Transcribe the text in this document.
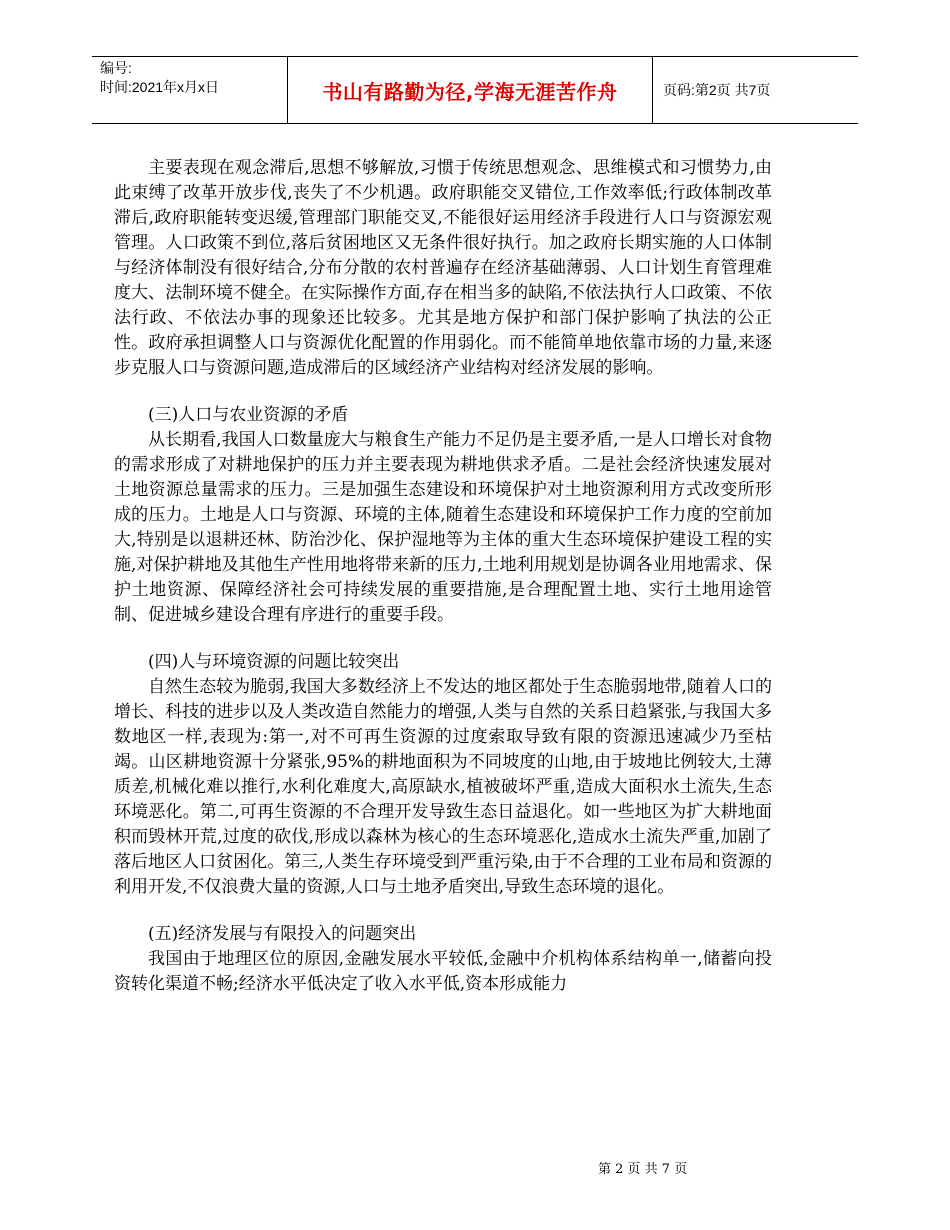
编号:
时间:2021年x月x日	书山有路勤为径,学海无涯苦作舟	页码:第2页 共7页

主要表现在观念滞后,思想不够解放,习惯于传统思想观念、思维模式和习惯势力,由此束缚了改革开放步伐,丧失了不少机遇。政府职能交叉错位,工作效率低;行政体制改革滞后,政府职能转变迟缓,管理部门职能交叉,不能很好运用经济手段进行人口与资源宏观管理。人口政策不到位,落后贫困地区又无条件很好执行。加之政府长期实施的人口体制与经济体制没有很好结合,分布分散的农村普遍存在经济基础薄弱、人口计划生育管理难度大、法制环境不健全。在实际操作方面,存在相当多的缺陷,不依法执行人口政策、不依法行政、不依法办事的现象还比较多。尤其是地方保护和部门保护影响了执法的公正性。政府承担调整人口与资源优化配置的作用弱化。而不能简单地依靠市场的力量,来逐步克服人口与资源问题,造成滞后的区域经济产业结构对经济发展的影响。

(三)人口与农业资源的矛盾

从长期看,我国人口数量庞大与粮食生产能力不足仍是主要矛盾,一是人口增长对食物的需求形成了对耕地保护的压力并主要表现为耕地供求矛盾。二是社会经济快速发展对土地资源总量需求的压力。三是加强生态建设和环境保护对土地资源利用方式改变所形成的压力。土地是人口与资源、环境的主体,随着生态建设和环境保护工作力度的空前加大,特别是以退耕还林、防治沙化、保护湿地等为主体的重大生态环境保护建设工程的实施,对保护耕地及其他生产性用地将带来新的压力,土地利用规划是协调各业用地需求、保护土地资源、保障经济社会可持续发展的重要措施,是合理配置土地、实行土地用途管制、促进城乡建设合理有序进行的重要手段。

(四)人与环境资源的问题比较突出

自然生态较为脆弱,我国大多数经济上不发达的地区都处于生态脆弱地带,随着人口的增长、科技的进步以及人类改造自然能力的增强,人类与自然的关系日趋紧张,与我国大多数地区一样,表现为:第一,对不可再生资源的过度索取导致有限的资源迅速减少乃至枯竭。山区耕地资源十分紧张,95%的耕地面积为不同坡度的山地,由于坡地比例较大,土薄质差,机械化难以推行,水利化难度大,高原缺水,植被破坏严重,造成大面积水土流失,生态环境恶化。第二,可再生资源的不合理开发导致生态日益退化。如一些地区为扩大耕地面积而毁林开荒,过度的砍伐,形成以森林为核心的生态环境恶化,造成水土流失严重,加剧了落后地区人口贫困化。第三,人类生存环境受到严重污染,由于不合理的工业布局和资源的利用开发,不仅浪费大量的资源,人口与土地矛盾突出,导致生态环境的退化。

(五)经济发展与有限投入的问题突出

我国由于地理区位的原因,金融发展水平较低,金融中介机构体系结构单一,储蓄向投资转化渠道不畅;经济水平低决定了收入水平低,资本形成能力

第 2 页 共 7 页
